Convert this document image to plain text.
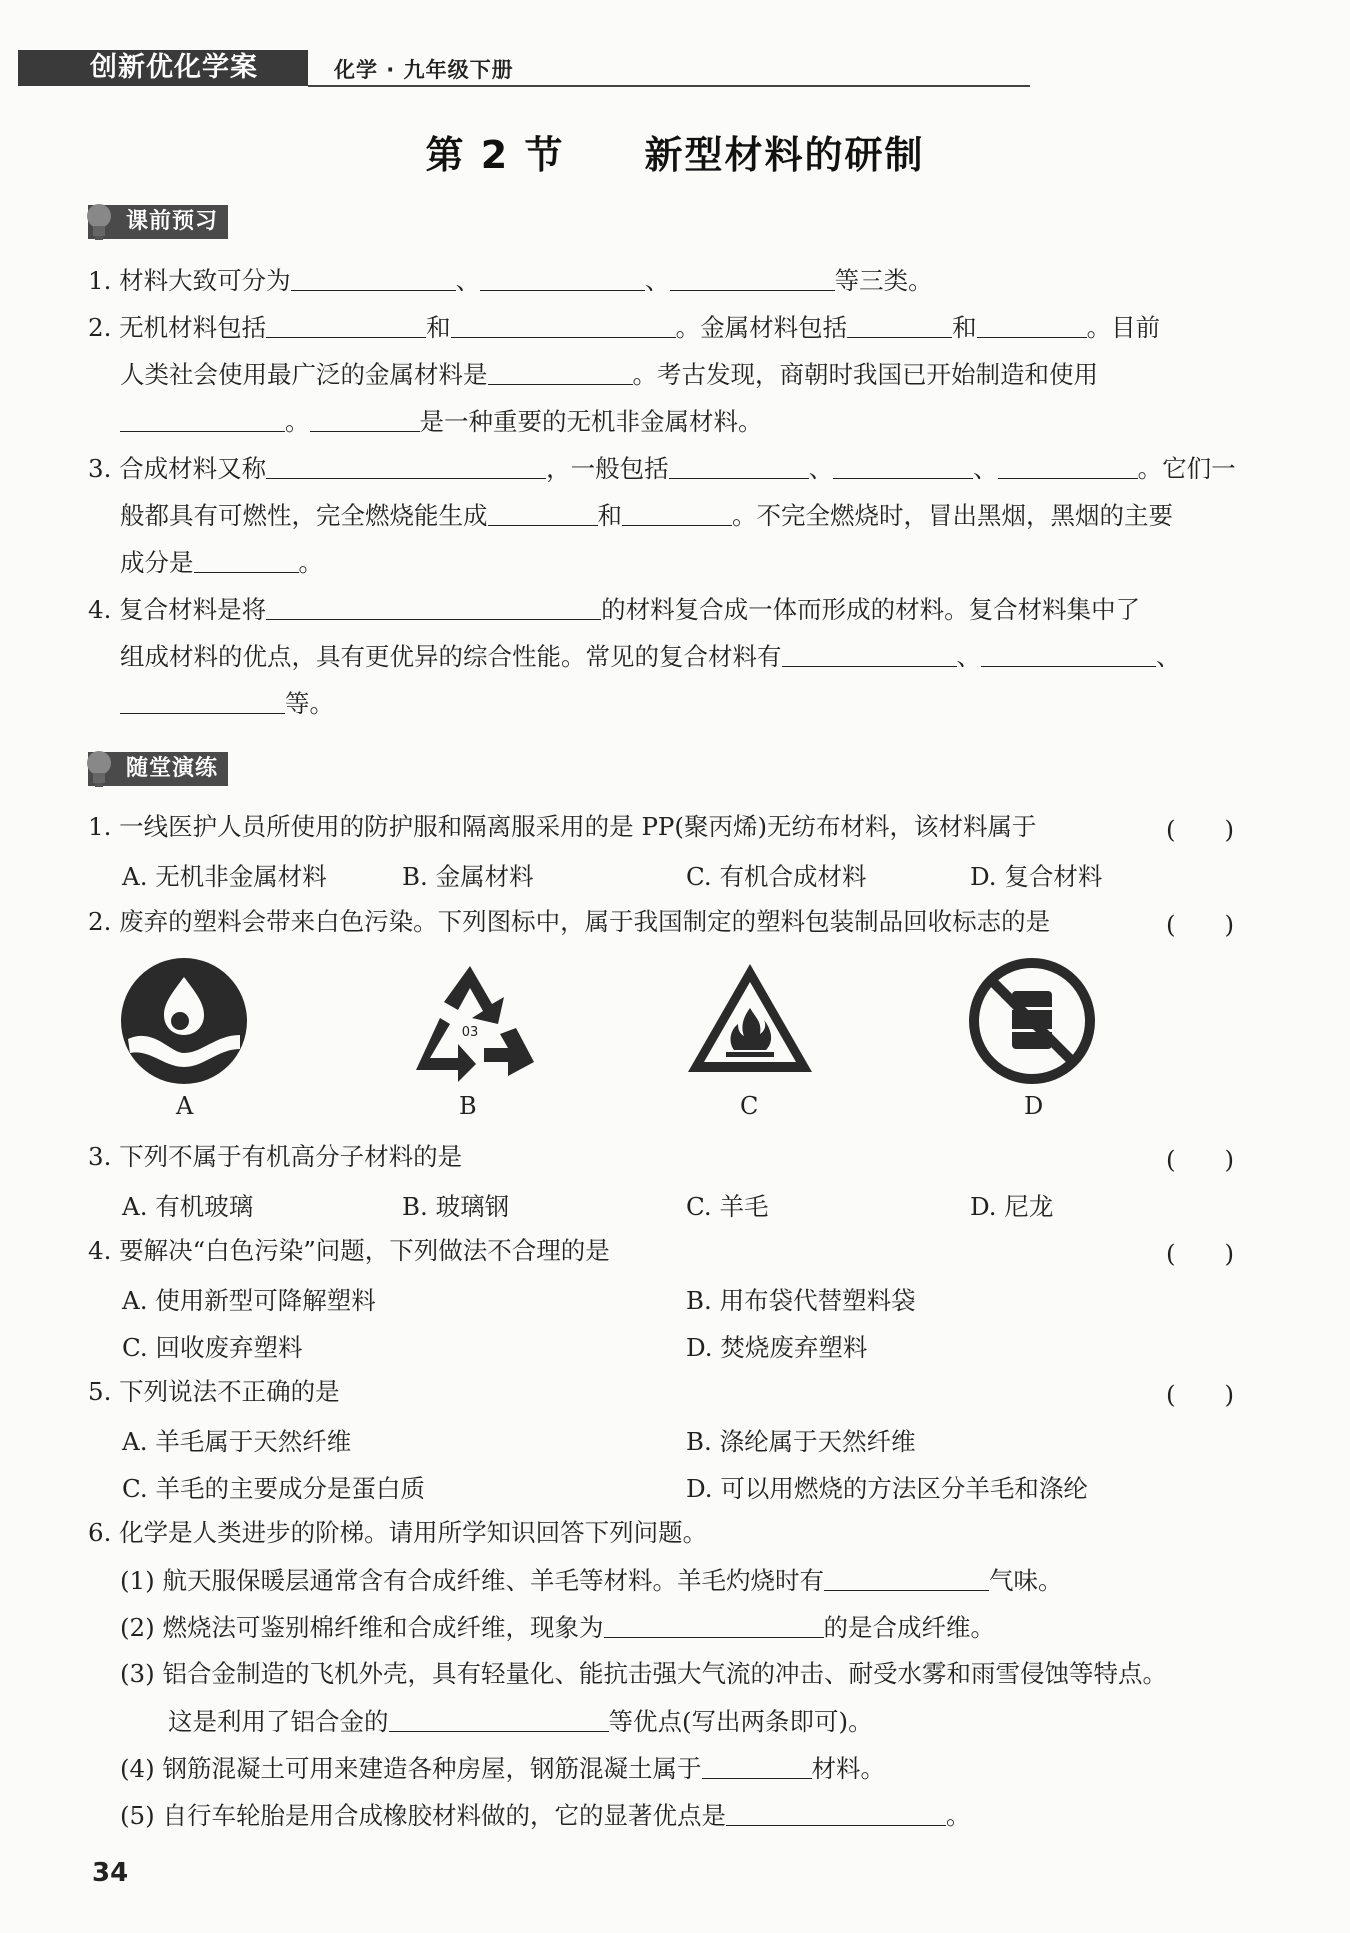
创新优化学案	化学 · 九年级下册
第 2 节　　新型材料的研制
课前预习
1. 材料大致可分为	、	、	等三类。
2. 无机材料包括	和	。金属材料包括	和	。目前
人类社会使用最广泛的金属材料是	。考古发现，商朝时我国已开始制造和使用
。	是一种重要的无机非金属材料。
3. 合成材料又称	，一般包括	、	、	。它们一
般都具有可燃性，完全燃烧能生成	和	。不完全燃烧时，冒出黑烟，黑烟的主要
成分是	。
4. 复合材料是将	的材料复合成一体而形成的材料。复合材料集中了
组成材料的优点，具有更优异的综合性能。常见的复合材料有	、	、
等。
随堂演练
1. 一线医护人员所使用的防护服和隔离服采用的是 PP(聚丙烯)无纺布材料，该材料属于	(　　)
A. 无机非金属材料	B. 金属材料	C. 有机合成材料	D. 复合材料
2. 废弃的塑料会带来白色污染。下列图标中，属于我国制定的塑料包装制品回收标志的是	(　　)
A
03
B	C	D
3. 下列不属于有机高分子材料的是	(　　)
A. 有机玻璃	B. 玻璃钢	C. 羊毛	D. 尼龙
4. 要解决“白色污染”问题，下列做法不合理的是	(　　)
A. 使用新型可降解塑料	B. 用布袋代替塑料袋
C. 回收废弃塑料	D. 焚烧废弃塑料
5. 下列说法不正确的是	(　　)
A. 羊毛属于天然纤维	B. 涤纶属于天然纤维
C. 羊毛的主要成分是蛋白质	D. 可以用燃烧的方法区分羊毛和涤纶
6. 化学是人类进步的阶梯。请用所学知识回答下列问题。
(1) 航天服保暖层通常含有合成纤维、羊毛等材料。羊毛灼烧时有	气味。
(2) 燃烧法可鉴别棉纤维和合成纤维，现象为	的是合成纤维。
(3) 铝合金制造的飞机外壳，具有轻量化、能抗击强大气流的冲击、耐受水雾和雨雪侵蚀等特点。
这是利用了铝合金的	等优点(写出两条即可)。
(4) 钢筋混凝土可用来建造各种房屋，钢筋混凝土属于	材料。
(5) 自行车轮胎是用合成橡胶材料做的，它的显著优点是	。
34
